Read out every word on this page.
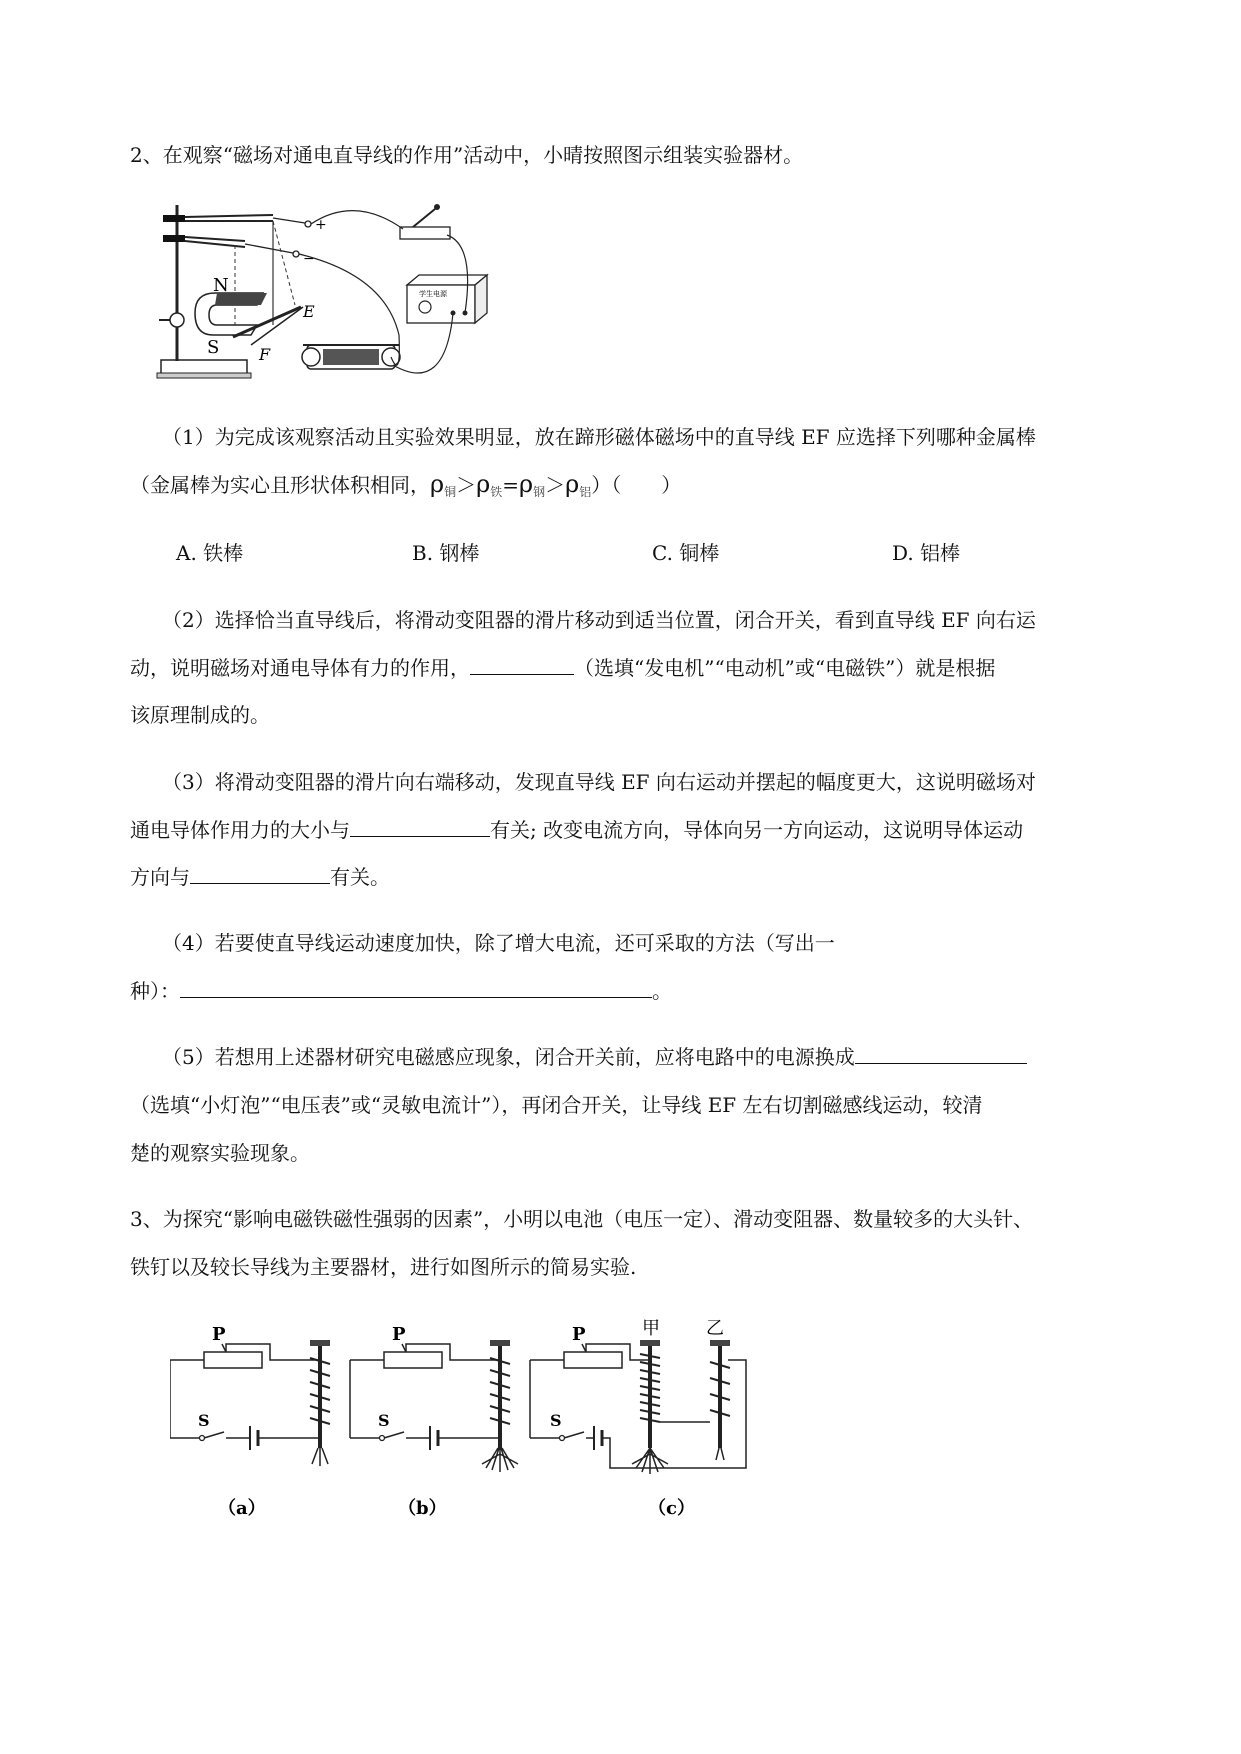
2、在观察“磁场对通电直导线的作用”活动中，小晴按照图示组装实验器材。
+
−
N
S
E
F
学生电源
（1）为完成该观察活动且实验效果明显，放在蹄形磁体磁场中的直导线 EF 应选择下列哪种金属棒
（金属棒为实心且形状体积相同，$\rho_铜>\rho_铁=\rho_钢>\rho_铝$）（　　）
A. 铁棒	B. 钢棒	C. 铜棒	D. 铝棒
（2）选择恰当直导线后，将滑动变阻器的滑片移动到适当位置，闭合开关，看到直导线 EF 向右运
动，说明磁场对通电导体有力的作用，	（选填“发电机”“电动机”或“电磁铁”）就是根据
该原理制成的。
（3）将滑动变阻器的滑片向右端移动，发现直导线 EF 向右运动并摆起的幅度更大，这说明磁场对
通电导体作用力的大小与	有关; 改变电流方向，导体向另一方向运动，这说明导体运动
方向与	有关。
（4）若要使直导线运动速度加快，除了增大电流，还可采取的方法（写出一
种）：	。
（5）若想用上述器材研究电磁感应现象，闭合开关前，应将电路中的电源换成
（选填“小灯泡”“电压表”或“灵敏电流计”），再闭合开关，让导线 EF 左右切割磁感线运动，较清
楚的观察实验现象。
3、为探究“影响电磁铁磁性强弱的因素”，小明以电池（电压一定）、滑动变阻器、数量较多的大头针、
铁钉以及较长导线为主要器材，进行如图所示的简易实验.
P
S
（a）
P
S
（b）
P
S
甲	乙
（c）
